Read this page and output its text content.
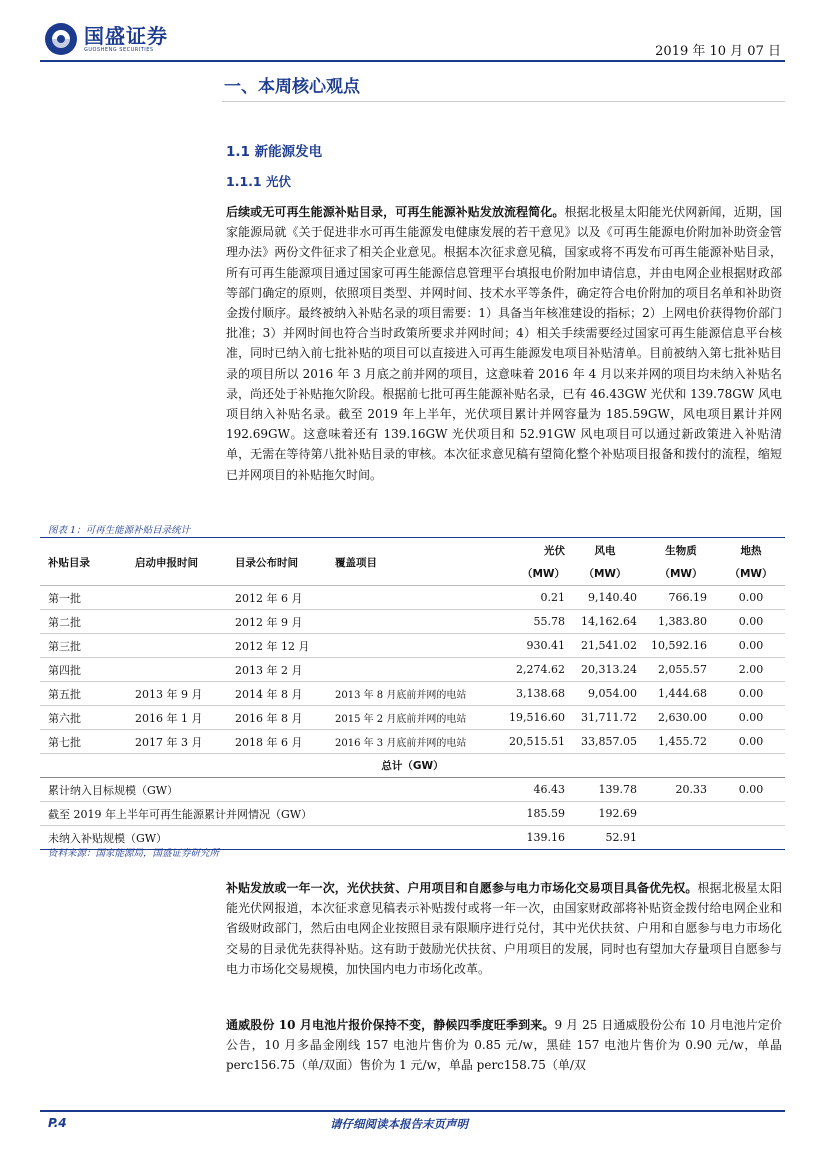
国盛证券
GUOSHENG SECURITIES	2019 年 10 月 07 日
一、本周核心观点
1.1 新能源发电
1.1.1 光伏
后续或无可再生能源补贴目录，可再生能源补贴发放流程简化。根据北极星太阳能光伏网新闻，近期，国家能源局就《关于促进非水可再生能源发电健康发展的若干意见》以及《可再生能源电价附加补助资金管理办法》两份文件征求了相关企业意见。根据本次征求意见稿，国家或将不再发布可再生能源补贴目录，所有可再生能源项目通过国家可再生能源信息管理平台填报电价附加申请信息，并由电网企业根据财政部等部门确定的原则，依照项目类型、并网时间、技术水平等条件，确定符合电价附加的项目名单和补助资金拨付顺序。最终被纳入补贴名录的项目需要：1）具备当年核准建设的指标；2）上网电价获得物价部门批准；3）并网时间也符合当时政策所要求并网时间；4）相关手续需要经过国家可再生能源信息平台核准，同时已纳入前七批补贴的项目可以直接进入可再生能源发电项目补贴清单。目前被纳入第七批补贴目录的项目所以 2016 年 3 月底之前并网的项目，这意味着 2016 年 4 月以来并网的项目均未纳入补贴名录，尚还处于补贴拖欠阶段。根据前七批可再生能源补贴名录，已有 46.43GW 光伏和 139.78GW 风电项目纳入补贴名录。截至 2019 年上半年，光伏项目累计并网容量为 185.59GW，风电项目累计并网 192.69GW。这意味着还有 139.16GW 光伏项目和 52.91GW 风电项目可以通过新政策进入补贴清单，无需在等待第八批补贴目录的审核。本次征求意见稿有望简化整个补贴项目报备和拨付的流程，缩短已并网项目的补贴拖欠时间。
图表 1：可再生能源补贴目录统计
补贴目录	启动申报时间	目录公布时间	覆盖项目	光伏	风电	生物质	地热
				（MW）	（MW）	（MW）	（MW）
第一批		2012 年 6 月		0.21	9,140.40	766.19	0.00
第二批		2012 年 9 月		55.78	14,162.64	1,383.80	0.00
第三批		2012 年 12 月		930.41	21,541.02	10,592.16	0.00
第四批		2013 年 2 月		2,274.62	20,313.24	2,055.57	2.00
第五批	2013 年 9 月	2014 年 8 月	2013 年 8 月底前并网的电站	3,138.68	9,054.00	1,444.68	0.00
第六批	2016 年 1 月	2016 年 8 月	2015 年 2 月底前并网的电站	19,516.60	31,711.72	2,630.00	0.00
第七批	2017 年 3 月	2018 年 6 月	2016 年 3 月底前并网的电站	20,515.51	33,857.05	1,455.72	0.00
总计（GW）							
累计纳入目标规模（GW）				46.43	139.78	20.33	0.00
截至 2019 年上半年可再生能源累计并网情况（GW）				185.59	192.69		
未纳入补贴规模（GW）				139.16	52.91		
资料来源：国家能源局，国盛证券研究所
补贴发放或一年一次，光伏扶贫、户用项目和自愿参与电力市场化交易项目具备优先权。根据北极星太阳能光伏网报道，本次征求意见稿表示补贴拨付或将一年一次，由国家财政部将补贴资金拨付给电网企业和省级财政部门，然后由电网企业按照目录有限顺序进行兑付，其中光伏扶贫、户用和自愿参与电力市场化交易的目录优先获得补贴。这有助于鼓励光伏扶贫、户用项目的发展，同时也有望加大存量项目自愿参与电力市场化交易规模，加快国内电力市场化改革。
通威股份 10 月电池片报价保持不变，静候四季度旺季到来。9 月 25 日通威股份公布 10 月电池片定价公告，10 月多晶金刚线 157 电池片售价为 0.85 元/w，黑硅 157 电池片售价为 0.90 元/w，单晶 perc156.75（单/双面）售价为 1 元/w，单晶 perc158.75（单/双
P.4	请仔细阅读本报告末页声明
